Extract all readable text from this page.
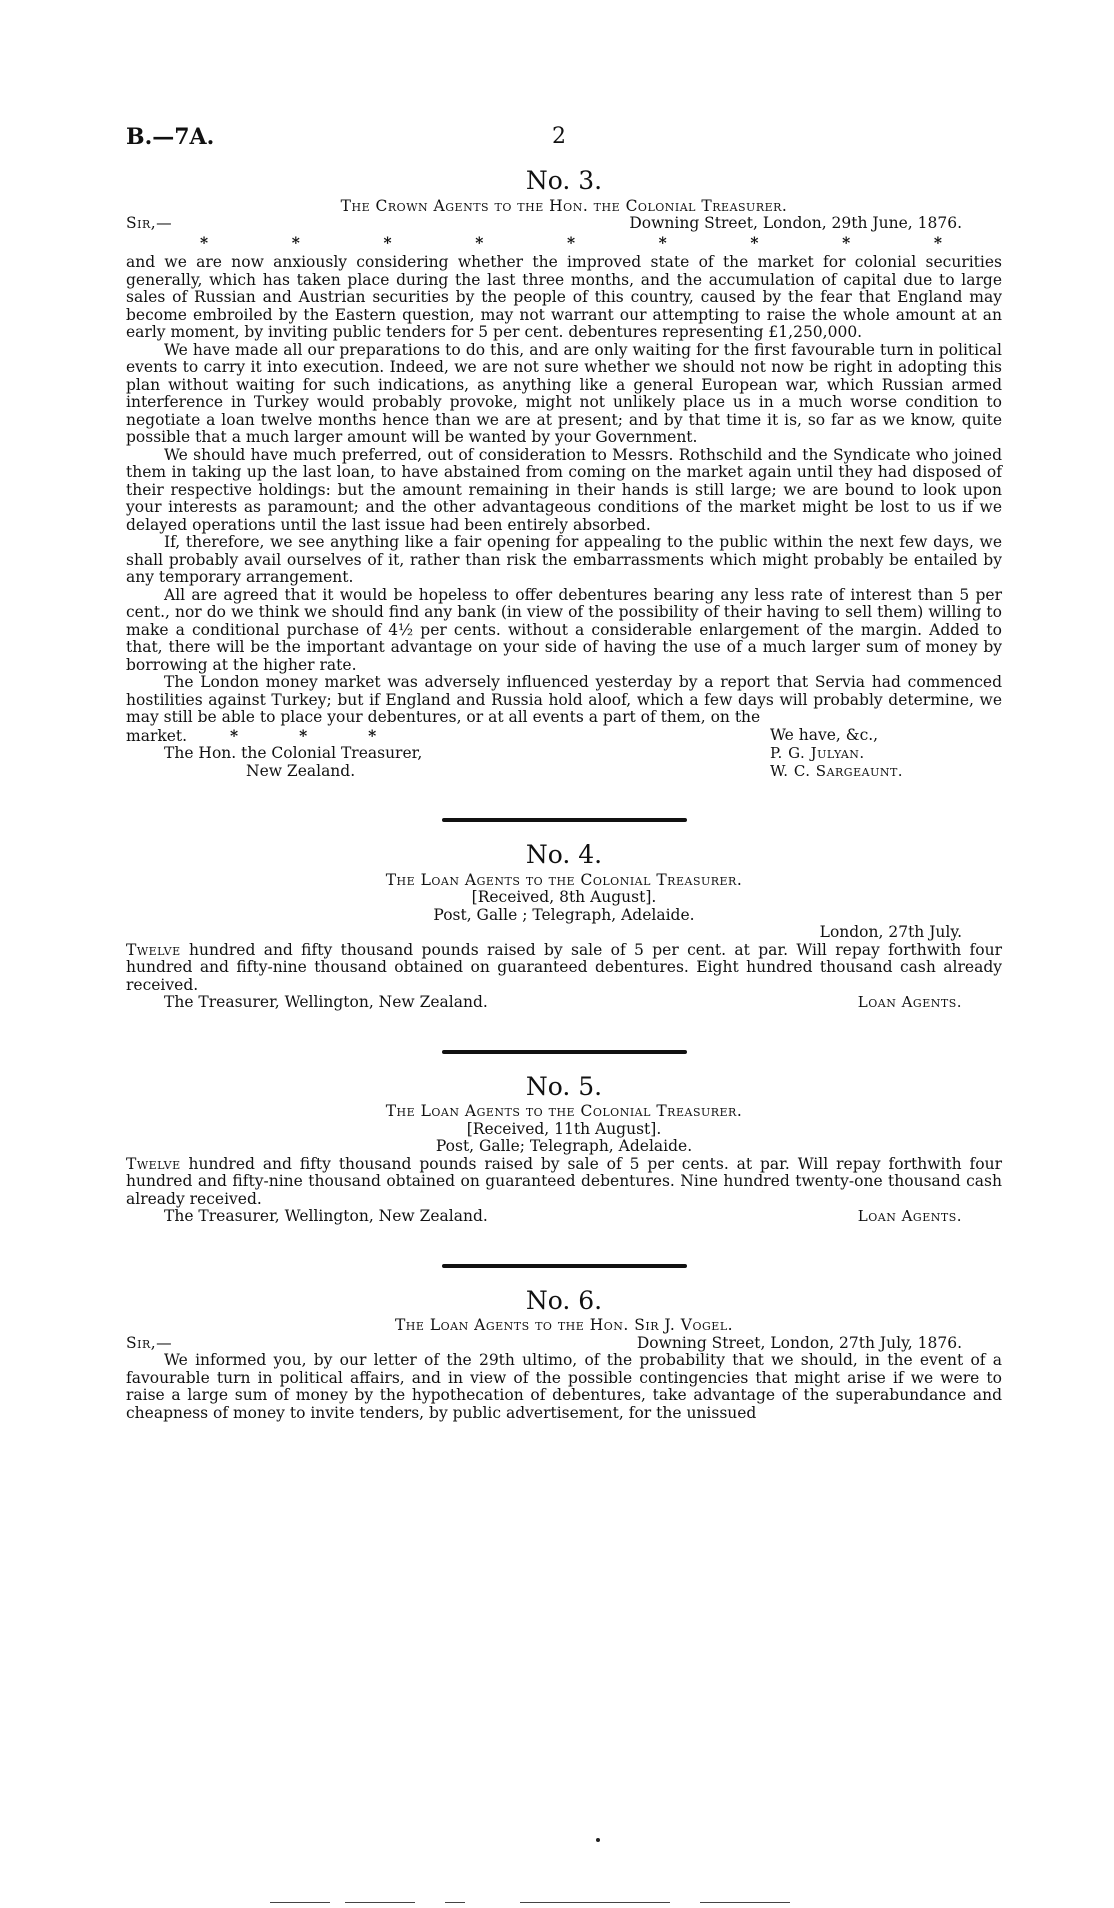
B.—7A.	2
No. 3.
The Crown Agents to the Hon. the Colonial Treasurer.
Sir,—	Downing Street, London, 29th June, 1876.
*	*	*	*	*	*	*	*	*

and we are now anxiously considering whether the improved state of the market for colonial securities generally, which has taken place during the last three months, and the accumulation of capital due to large sales of Russian and Austrian securities by the people of this country, caused by the fear that England may become embroiled by the Eastern question, may not warrant our attempting to raise the whole amount at an early moment, by inviting public tenders for 5 per cent. debentures representing £1,250,000.

We have made all our preparations to do this, and are only waiting for the first favourable turn in political events to carry it into execution. Indeed, we are not sure whether we should not now be right in adopting this plan without waiting for such indications, as anything like a general European war, which Russian armed interference in Turkey would probably provoke, might not unlikely place us in a much worse condition to negotiate a loan twelve months hence than we are at present; and by that time it is, so far as we know, quite possible that a much larger amount will be wanted by your Government.

We should have much preferred, out of consideration to Messrs. Rothschild and the Syndicate who joined them in taking up the last loan, to have abstained from coming on the market again until they had disposed of their respective holdings: but the amount remaining in their hands is still large; we are bound to look upon your interests as paramount; and the other advantageous conditions of the market might be lost to us if we delayed operations until the last issue had been entirely absorbed.

If, therefore, we see anything like a fair opening for appealing to the public within the next few days, we shall probably avail ourselves of it, rather than risk the embarrassments which might probably be entailed by any temporary arrangement.

All are agreed that it would be hopeless to offer debentures bearing any less rate of interest than 5 per cent., nor do we think we should find any bank (in view of the possibility of their having to sell them) willing to make a conditional purchase of 4½ per cents. without a considerable enlargement of the margin. Added to that, there will be the important advantage on your side of having the use of a much larger sum of money by borrowing at the higher rate.

The London money market was adversely influenced yesterday by a report that Servia had commenced hostilities against Turkey; but if England and Russia hold aloof, which a few days will probably determine, we may still be able to place your debentures, or at all events a part of them, on the

market.	*	*	*	We have, &c.,
The Hon. the Colonial Treasurer,	P. G. Julyan.
New Zealand.	W. C. Sargeaunt.
No. 4.
The Loan Agents to the Colonial Treasurer.
[Received, 8th August].
Post, Galle ; Telegraph, Adelaide.
London, 27th July.

Twelve hundred and fifty thousand pounds raised by sale of 5 per cent. at par. Will repay forthwith four hundred and fifty-nine thousand obtained on guaranteed debentures. Eight hundred thousand cash already received.

The Treasurer, Wellington, New Zealand.	Loan Agents.
No. 5.
The Loan Agents to the Colonial Treasurer.
[Received, 11th August].
Post, Galle; Telegraph, Adelaide.

Twelve hundred and fifty thousand pounds raised by sale of 5 per cents. at par. Will repay forthwith four hundred and fifty-nine thousand obtained on guaranteed debentures. Nine hundred twenty-one thousand cash already received.

The Treasurer, Wellington, New Zealand.	Loan Agents.
No. 6.
The Loan Agents to the Hon. Sir J. Vogel.
Sir,—	Downing Street, London, 27th July, 1876.

We informed you, by our letter of the 29th ultimo, of the probability that we should, in the event of a favourable turn in political affairs, and in view of the possible contingencies that might arise if we were to raise a large sum of money by the hypothecation of debentures, take advantage of the superabundance and cheapness of money to invite tenders, by public advertisement, for the unissued
